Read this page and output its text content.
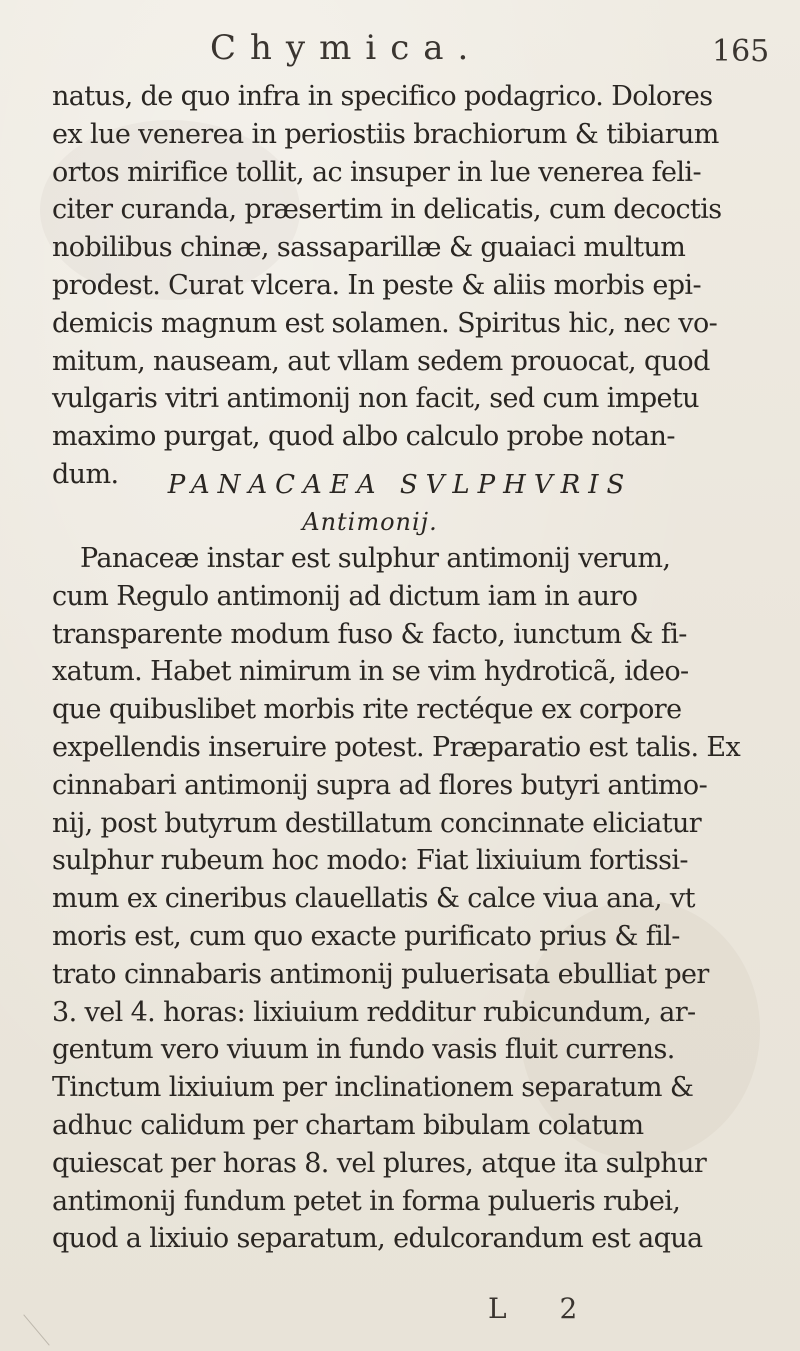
Chymica.	165
natus, de quo infra in specifico podagrico. Dolores
ex lue venerea in periostiis brachiorum & tibiarum
ortos mirifice tollit, ac insuper in lue venerea feli-
citer curanda, præsertim in delicatis, cum decoctis
nobilibus chinæ, sassaparillæ & guaiaci multum
prodest. Curat vlcera. In peste & aliis morbis epi-
demicis magnum est solamen. Spiritus hic, nec vo-
mitum, nauseam, aut vllam sedem prouocat, quod
vulgaris vitri antimonij non facit, sed cum impetu
maximo purgat, quod albo calculo probe notan-
dum.	PANACAEA SVLPHVRIS
Antimonij.
Panaceæ instar est sulphur antimonij verum,
cum Regulo antimonij ad dictum iam in auro
transparente modum fuso & facto, iunctum & fi-
xatum. Habet nimirum in se vim hydroticã, ideo-
que quibuslibet morbis rite rectéque ex corpore
expellendis inseruire potest. Præparatio est talis. Ex
cinnabari antimonij supra ad flores butyri antimo-
nij, post butyrum destillatum concinnate eliciatur
sulphur rubeum hoc modo: Fiat lixiuium fortissi-
mum ex cineribus clauellatis & calce viua ana, vt
moris est, cum quo exacte purificato prius & fil-
trato cinnabaris antimonij puluerisata ebulliat per
3. vel 4. horas: lixiuium redditur rubicundum, ar-
gentum vero viuum in fundo vasis fluit currens.
Tinctum lixiuium per inclinationem separatum &
adhuc calidum per chartam bibulam colatum
quiescat per horas 8. vel plures, atque ita sulphur
antimonij fundum petet in forma pulueris rubei,
quod a lixiuio separatum, edulcorandum est aqua
L 2
